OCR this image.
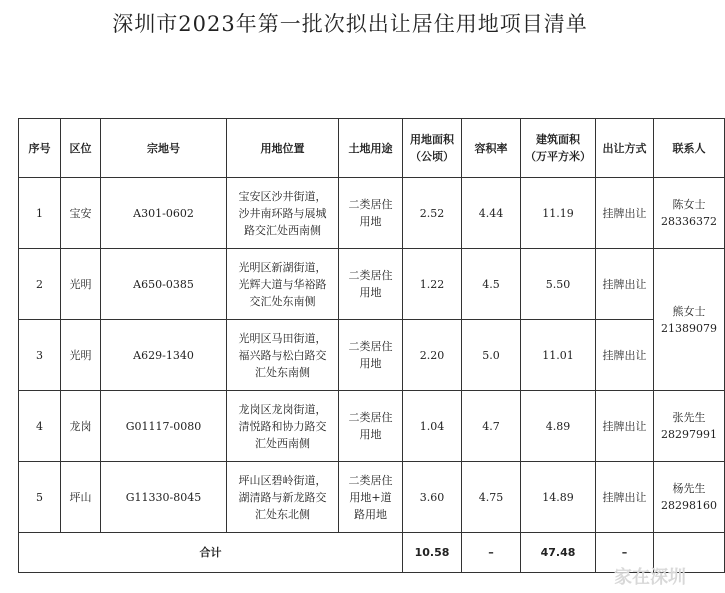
深圳市2023年第一批次拟出让居住用地项目清单
序号	区位	宗地号	用地位置	土地用途	用地面积
（公顷）	容积率	建筑面积
（万平方米）	出让方式	联系人
1	宝安	A301-0602	宝安区沙井街道，
沙井南环路与展城
路交汇处西南侧	二类居住
用地	2.52	4.44	11.19	挂牌出让	陈女士
28336372

2	光明	A650-0385	光明区新湖街道，
光辉大道与华裕路
交汇处东南侧	二类居住
用地	1.22	4.5	5.50	挂牌出让	熊女士
21389079

3	光明	A629-1340	光明区马田街道，
福兴路与松白路交
汇处东南侧	二类居住
用地	2.20	5.0	11.01	挂牌出让	
4	龙岗	G01117-0080	龙岗区龙岗街道，
清悦路和协力路交
汇处西南侧	二类居住
用地	1.04	4.7	4.89	挂牌出让	张先生
28297991

5	坪山	G11330-8045	坪山区碧岭街道，
湖清路与新龙路交
汇处东北侧	二类居住
用地+道
路用地	3.60	4.75	14.89	挂牌出让	杨先生
28298160

合计					10.58	–	47.48	–	
家在深圳
